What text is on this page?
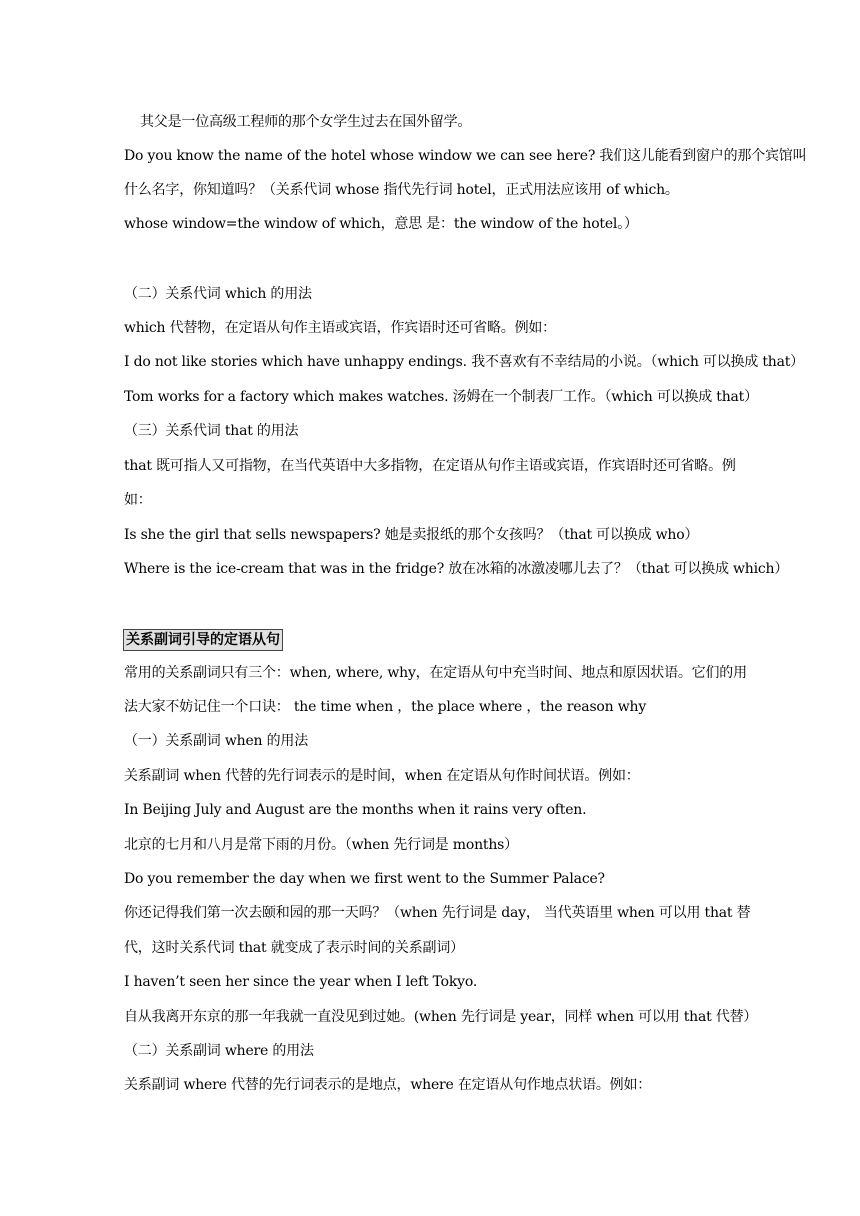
其父是一位高级工程师的那个女学生过去在国外留学。
Do you know the name of the hotel whose window we can see here? 我们这儿能看到窗户的那个宾馆叫
什么名字，你知道吗？（关系代词 whose 指代先行词 hotel，正式用法应该用 of which。
whose window=the window of which，意思 是：the window of the hotel。）
（二）关系代词 which 的用法
which 代替物，在定语从句作主语或宾语，作宾语时还可省略。例如：
I do not like stories which have unhappy endings. 我不喜欢有不幸结局的小说。（which 可以换成 that）
Tom works for a factory which makes watches. 汤姆在一个制表厂工作。（which 可以换成 that）
（三）关系代词 that 的用法
that 既可指人又可指物，在当代英语中大多指物，在定语从句作主语或宾语，作宾语时还可省略。例
如：
Is she the girl that sells newspapers? 她是卖报纸的那个女孩吗？（that 可以换成 who）
Where is the ice-cream that was in the fridge? 放在冰箱的冰激凌哪儿去了？（that 可以换成 which）
关系副词引导的定语从句
常用的关系副词只有三个：when, where, why，在定语从句中充当时间、地点和原因状语。它们的用
法大家不妨记住一个口诀： the time when ，the place where ，the reason why
（一）关系副词 when 的用法
关系副词 when 代替的先行词表示的是时间，when 在定语从句作时间状语。例如：
In Beijing July and August are the months when it rains very often.
北京的七月和八月是常下雨的月份。（when 先行词是 months）
Do you remember the day when we first went to the Summer Palace?
你还记得我们第一次去颐和园的那一天吗？（when 先行词是 day， 当代英语里 when 可以用 that 替
代，这时关系代词 that 就变成了表示时间的关系副词）
I haven’t seen her since the year when I left Tokyo.
自从我离开东京的那一年我就一直没见到过她。(when 先行词是 year，同样 when 可以用 that 代替）
（二）关系副词 where 的用法
关系副词 where 代替的先行词表示的是地点，where 在定语从句作地点状语。例如：
